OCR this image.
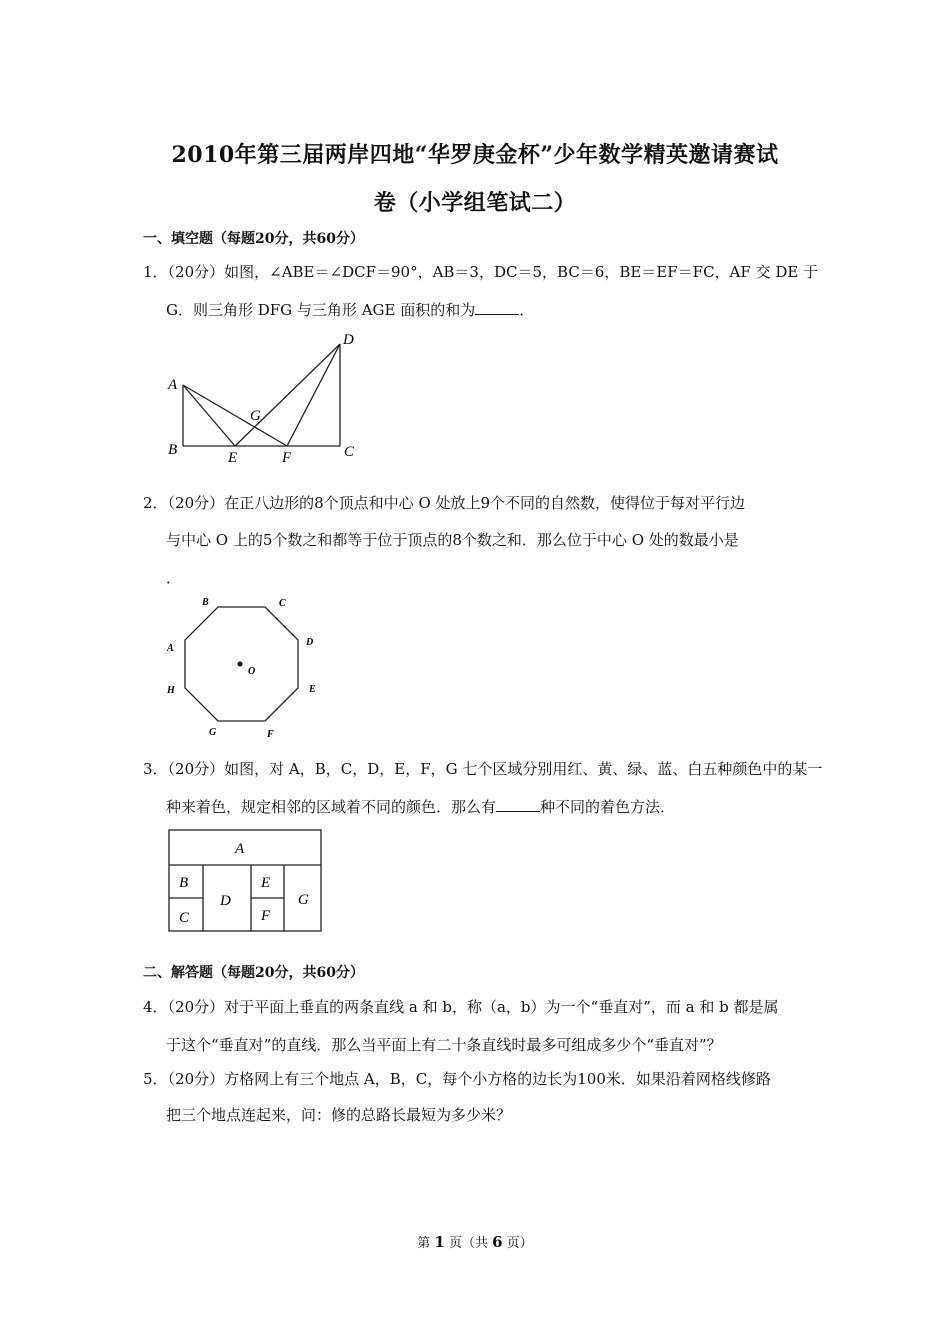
2010年第三届两岸四地“华罗庚金杯”少年数学精英邀请赛试
卷（小学组笔试二）
一、填空题（每题20分，共60分）
1．（20分）如图，∠ABE＝∠DCF＝90°，AB＝3，DC＝5，BC＝6，BE＝EF＝FC，AF 交 DE 于
G．则三角形 DFG 与三角形 AGE 面积的和为	．
A
B	E	F	C
D
G
2．（20分）在正八边形的8个顶点和中心 O 处放上9个不同的自然数，使得位于每对平行边
与中心 O 上的5个数之和都等于位于顶点的8个数之和．那么位于中心 O 处的数最小是
．
B	C
D
E
F
G
H
A
O
3．（20分）如图，对 A，B，C，D，E，F，G 七个区域分别用红、黄、绿、蓝、白五种颜色中的某一
种来着色，规定相邻的区域着不同的颜色．那么有	种不同的着色方法．
A
B
C
D
E
F
G
二、解答题（每题20分，共60分）
4．（20分）对于平面上垂直的两条直线 a 和 b，称（a，b）为一个“垂直对”，而 a 和 b 都是属
于这个“垂直对”的直线．那么当平面上有二十条直线时最多可组成多少个“垂直对”？
5．（20分）方格网上有三个地点 A，B，C，每个小方格的边长为100米．如果沿着网格线修路
把三个地点连起来，问：修的总路长最短为多少米？
第 1 页（共 6 页）
